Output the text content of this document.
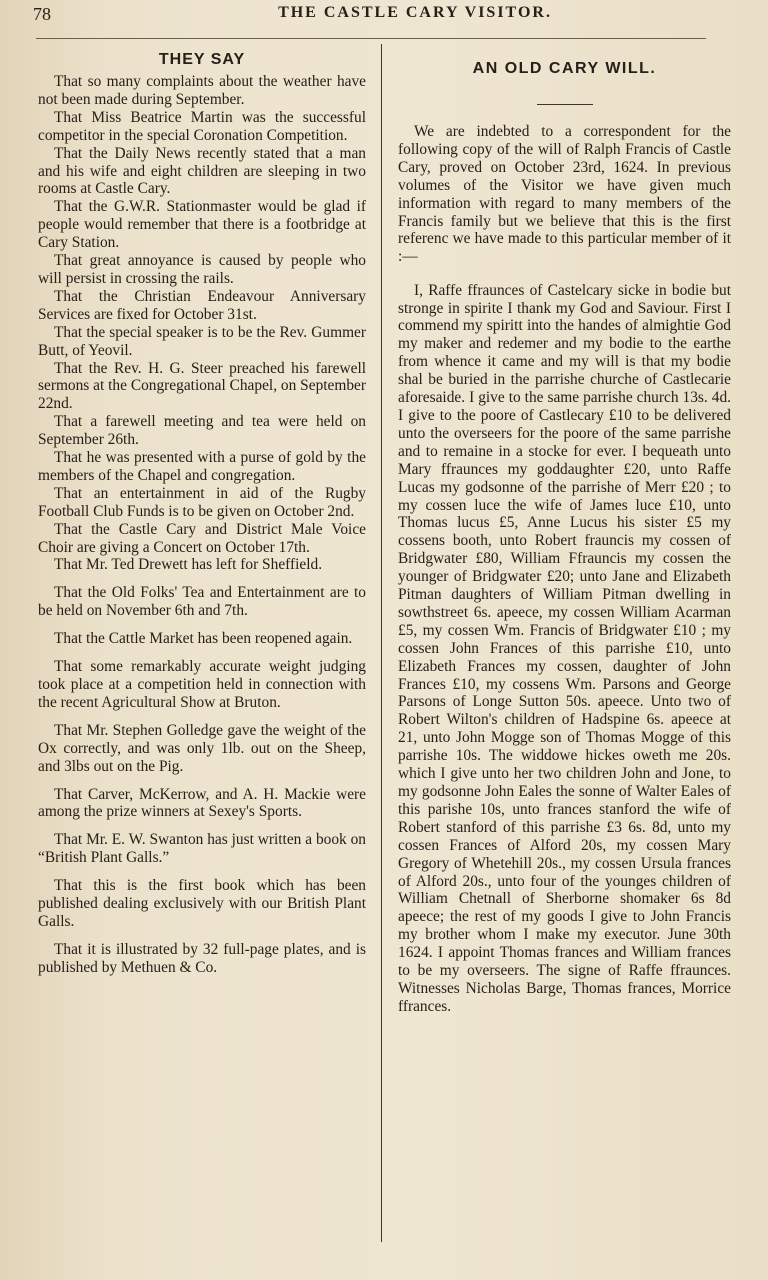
78	THE CASTLE CARY VISITOR.
THEY SAY

That so many complaints about the weather have not been made during September.

That Miss Beatrice Martin was the successful competitor in the special Coronation Competition.

That the Daily News recently stated that a man and his wife and eight children are sleeping in two rooms at Castle Cary.

That the G.W.R. Stationmaster would be glad if people would remember that there is a footbridge at Cary Station.

That great annoyance is caused by people who will persist in crossing the rails.

That the Christian Endeavour Anniversary Services are fixed for October 31st.

That the special speaker is to be the Rev. Gummer Butt, of Yeovil.

That the Rev. H. G. Steer preached his farewell sermons at the Congregational Chapel, on September 22nd.

That a farewell meeting and tea were held on September 26th.

That he was presented with a purse of gold by the members of the Chapel and congregation.

That an entertainment in aid of the Rugby Football Club Funds is to be given on October 2nd.

That the Castle Cary and District Male Voice Choir are giving a Concert on October 17th.

That Mr. Ted Drewett has left for Sheffield.

That the Old Folks' Tea and Entertainment are to be held on November 6th and 7th.

That the Cattle Market has been reopened again.

That some remarkably accurate weight judging took place at a competition held in connection with the recent Agricultural Show at Bruton.

That Mr. Stephen Golledge gave the weight of the Ox correctly, and was only 1lb. out on the Sheep, and 3lbs out on the Pig.

That Carver, McKerrow, and A. H. Mackie were among the prize winners at Sexey's Sports.

That Mr. E. W. Swanton has just written a book on “British Plant Galls.”

That this is the first book which has been published dealing exclusively with our British Plant Galls.

That it is illustrated by 32 full-page plates, and is published by Methuen & Co.

AN OLD CARY WILL.

We are indebted to a correspondent for the following copy of the will of Ralph Francis of Castle Cary, proved on October 23rd, 1624. In previous volumes of the Visitor we have given much information with regard to many members of the Francis family but we believe that this is the first referenc we have made to this particular member of it :—

I, Raffe ffraunces of Castelcary sicke in bodie but stronge in spirite I thank my God and Saviour. First I commend my spiritt into the handes of almightie God my maker and redemer and my bodie to the earthe from whence it came and my will is that my bodie shal be buried in the parrishe churche of Castlecarie aforesaide. I give to the same parrishe church 13s. 4d. I give to the poore of Castlecary £10 to be delivered unto the overseers for the poore of the same parrishe and to remaine in a stocke for ever. I bequeath unto Mary ffraunces my goddaughter £20, unto Raffe Lucas my godsonne of the parrishe of Merr £20 ; to my cossen luce the wife of James luce £10, unto Thomas lucus £5, Anne Lucus his sister £5 my cossens booth, unto Robert fraunсis my cossen of Bridgwater £80, William Ffrauncis my cossen the younger of Bridgwater £20; unto Jane and Elizabeth Pitman daughters of William Pitman dwelling in sowthstreet 6s. apeece, my cossen William Acarman £5, my cossen Wm. Francis of Bridgwater £10 ; my cossen John Frances of this parrishe £10, unto Elizabeth Frances my cossen, daughter of John Frances £10, my cossens Wm. Parsons and George Parsons of Longe Sutton 50s. apeece. Unto two of Robert Wilton's children of Hadspine 6s. apeece at 21, unto John Mogge son of Thomas Mogge of this parrishe 10s. The widdowe hickes oweth me 20s. which I give unto her two children John and Jone, to my godsonne John Eales the sonne of Walter Eales of this parishe 10s, unto frances stanford the wife of Robert stanford of this parrishe £3 6s. 8d, unto my cossen Frances of Alford 20s, my cossen Mary Gregory of Whetehill 20s., my cossen Ursula frances of Alford 20s., unto four of the younges children of William Chetnall of Sherborne shomaker 6s 8d apeece; the rest of my goods I give to John Francis my brother whom I make my executor. June 30th 1624. I appoint Thomas frances and William frances to be my overseers. The signe of Raffe ffraunces. Witnesses Nicholas Barge, Thomas frances, Morrice ffrances.
